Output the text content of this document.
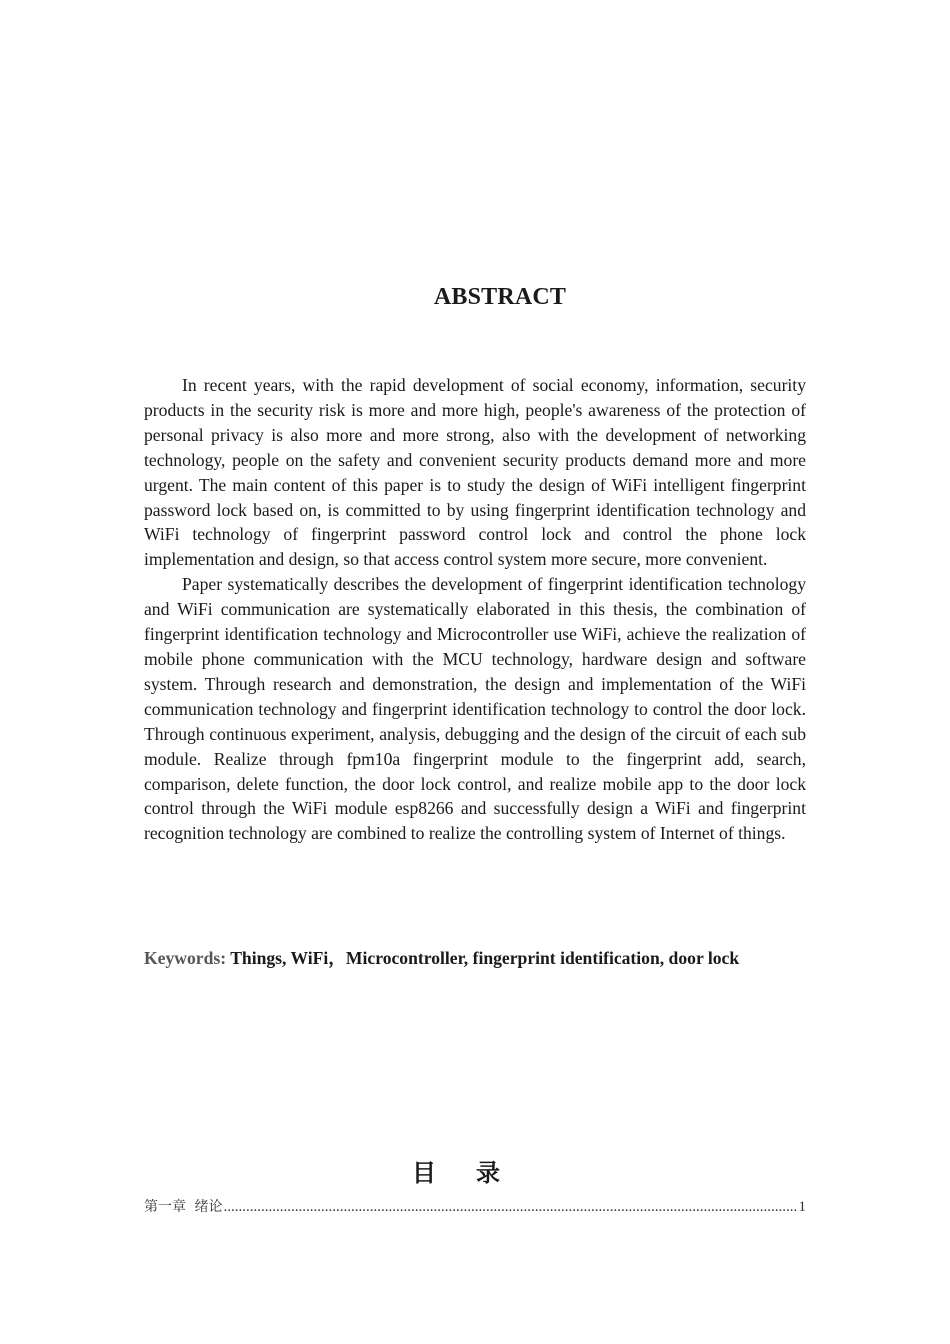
ABSTRACT

In recent years, with the rapid development of social economy, information, security products in the security risk is more and more high, people's awareness of the protection of personal privacy is also more and more strong, also with the development of networking technology, people on the safety and convenient security products demand more and more urgent. The main content of this paper is to study the design of WiFi intelligent fingerprint password lock based on, is committed to by using fingerprint identification technology and WiFi technology of fingerprint password control lock and control the phone lock implementation and design, so that access control system more secure, more convenient.

Paper systematically describes the development of fingerprint identification technology and WiFi communication are systematically elaborated in this thesis, the combination of fingerprint identification technology and Microcontroller use WiFi, achieve the realization of mobile phone communication with the MCU technology, hardware design and software system. Through research and demonstration, the design and implementation of the WiFi communication technology and fingerprint identification technology to control the door lock. Through continuous experiment, analysis, debugging and the design of the circuit of each sub module. Realize through fpm10a fingerprint module to the fingerprint add, search, comparison, delete function, the door lock control, and realize mobile app to the door lock control through the WiFi module esp8266 and successfully design a WiFi and fingerprint recognition technology are combined to realize the controlling system of Internet of things.

Keywords: Things, WiFi，Microcontroller, fingerprint identification, door lock
目录
第一章 绪论
.....	1
